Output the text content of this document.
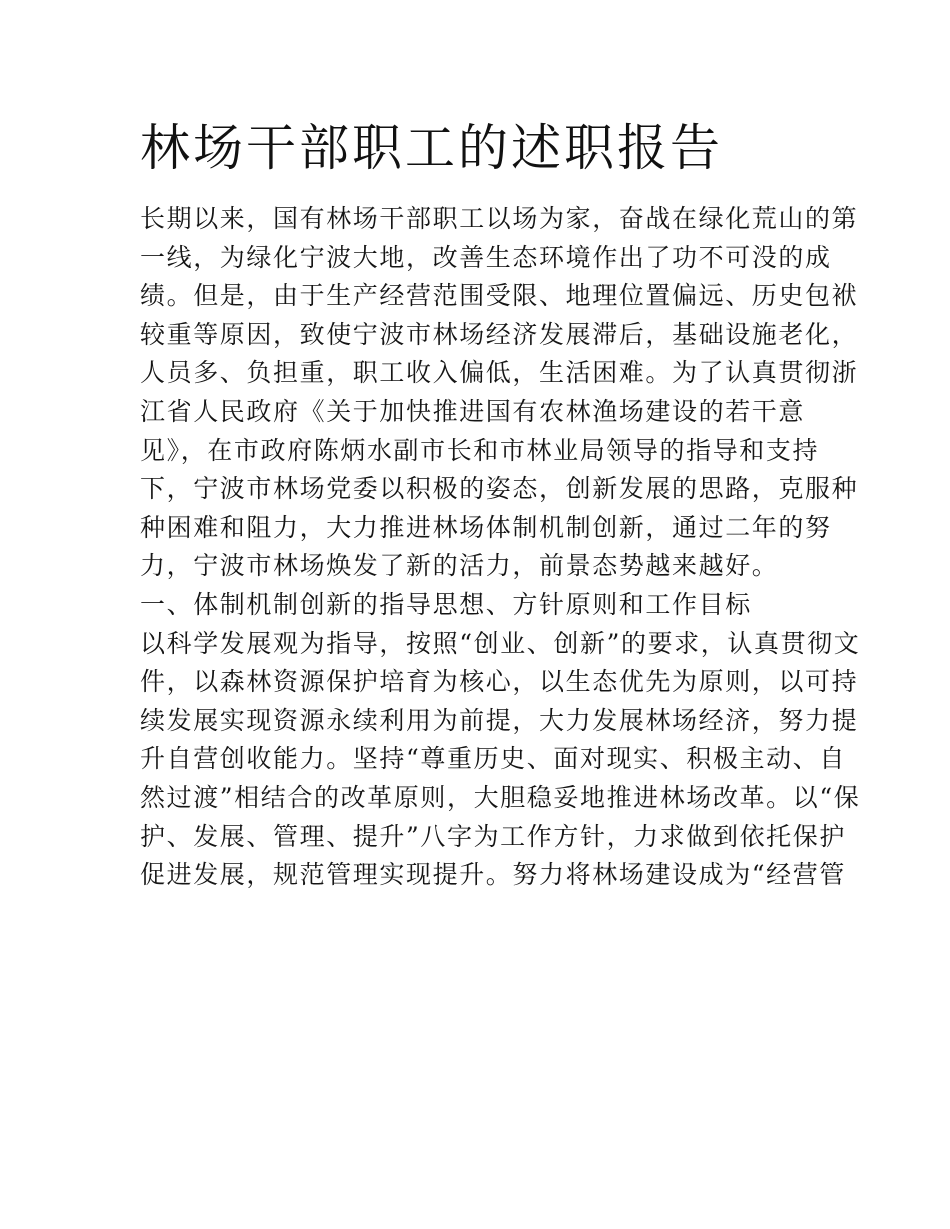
林场干部职工的述职报告
长期以来，国有林场干部职工以场为家，奋战在绿化荒山的第
一线，为绿化宁波大地，改善生态环境作出了功不可没的成
绩。但是，由于生产经营范围受限、地理位置偏远、历史包袱
较重等原因，致使宁波市林场经济发展滞后，基础设施老化，
人员多、负担重，职工收入偏低，生活困难。为了认真贯彻浙
江省人民政府《关于加快推进国有农林渔场建设的若干意
见》，在市政府陈炳水副市长和市林业局领导的指导和支持
下，宁波市林场党委以积极的姿态，创新发展的思路，克服种
种困难和阻力，大力推进林场体制机制创新，通过二年的努
力，宁波市林场焕发了新的活力，前景态势越来越好。
一、体制机制创新的指导思想、方针原则和工作目标
以科学发展观为指导，按照“创业、创新”的要求，认真贯彻文
件，以森林资源保护培育为核心，以生态优先为原则，以可持
续发展实现资源永续利用为前提，大力发展林场经济，努力提
升自营创收能力。坚持“尊重历史、面对现实、积极主动、自
然过渡”相结合的改革原则，大胆稳妥地推进林场改革。以“保
护、发展、管理、提升”八字为工作方针，力求做到依托保护
促进发展，规范管理实现提升。努力将林场建设成为“经营管
